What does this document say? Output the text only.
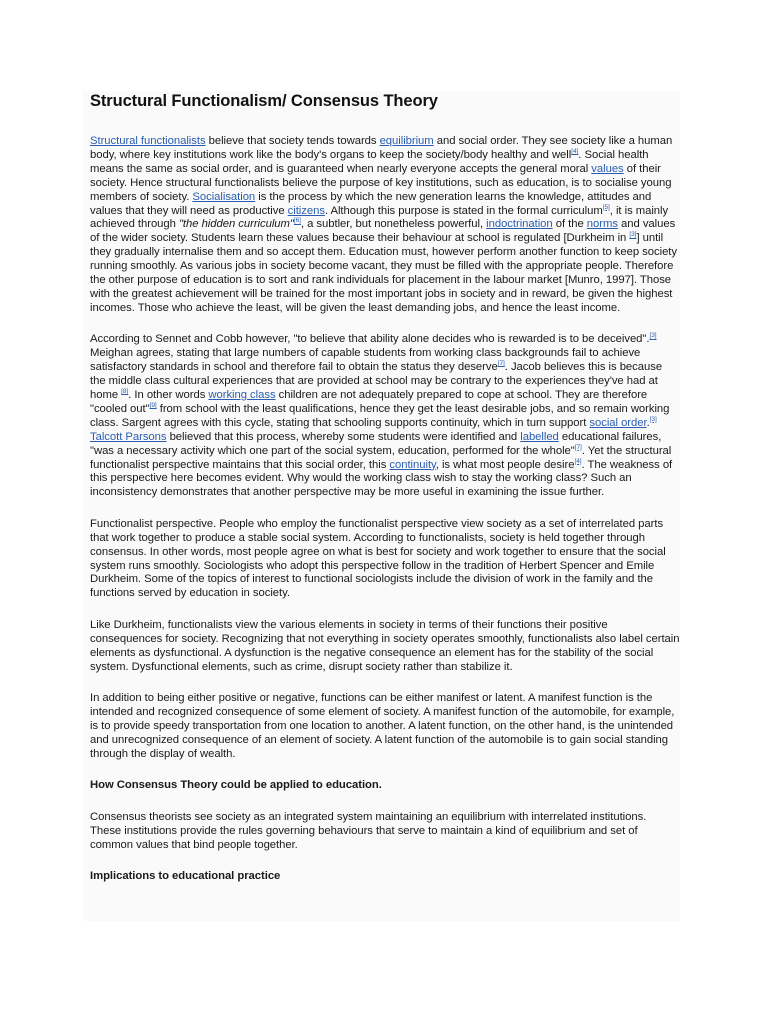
Structural Functionalism/ Consensus Theory

Structural functionalists believe that society tends towards equilibrium and social order. They see society like a human body, where key institutions work like the body's organs to keep the society/body healthy and well[4]. Social health means the same as social order, and is guaranteed when nearly everyone accepts the general moral values of their society. Hence structural functionalists believe the purpose of key institutions, such as education, is to socialise young members of society. Socialisation is the process by which the new generation learns the knowledge, attitudes and values that they will need as productive citizens. Although this purpose is stated in the formal curriculum[5], it is mainly achieved through "the hidden curriculum"[6], a subtler, but nonetheless powerful, indoctrination of the norms and values of the wider society. Students learn these values because their behaviour at school is regulated [Durkheim in [3]] until they gradually internalise them and so accept them. Education must, however perform another function to keep society running smoothly. As various jobs in society become vacant, they must be filled with the appropriate people. Therefore the other purpose of education is to sort and rank individuals for placement in the labour market [Munro, 1997]. Those with the greatest achievement will be trained for the most important jobs in society and in reward, be given the highest incomes. Those who achieve the least, will be given the least demanding jobs, and hence the least income.

According to Sennet and Cobb however, "to believe that ability alone decides who is rewarded is to be deceived".[3] Meighan agrees, stating that large numbers of capable students from working class backgrounds fail to achieve satisfactory standards in school and therefore fail to obtain the status they deserve[7]. Jacob believes this is because the middle class cultural experiences that are provided at school may be contrary to the experiences they've had at home [8]. In other words working class children are not adequately prepared to cope at school. They are therefore "cooled out"[9] from school with the least qualifications, hence they get the least desirable jobs, and so remain working class. Sargent agrees with this cycle, stating that schooling supports continuity, which in turn support social order.[3] Talcott Parsons believed that this process, whereby some students were identified and labelled educational failures, "was a necessary activity which one part of the social system, education, performed for the whole"[7]. Yet the structural functionalist perspective maintains that this social order, this continuity, is what most people desire[4]. The weakness of this perspective here becomes evident. Why would the working class wish to stay the working class? Such an inconsistency demonstrates that another perspective may be more useful in examining the issue further.

Functionalist perspective. People who employ the functionalist perspective view society as a set of interrelated parts that work together to produce a stable social system. According to functionalists, society is held together through consensus. In other words, most people agree on what is best for society and work together to ensure that the social system runs smoothly. Sociologists who adopt this perspective follow in the tradition of Herbert Spencer and Emile Durkheim. Some of the topics of interest to functional sociologists include the division of work in the family and the functions served by education in society.

Like Durkheim, functionalists view the various elements in society in terms of their functions their positive consequences for society. Recognizing that not everything in society operates smoothly, functionalists also label certain elements as dysfunctional. A dysfunction is the negative consequence an element has for the stability of the social system. Dysfunctional elements, such as crime, disrupt society rather than stabilize it.

In addition to being either positive or negative, functions can be either manifest or latent. A manifest function is the intended and recognized consequence of some element of society. A manifest function of the automobile, for example, is to provide speedy transportation from one location to another. A latent function, on the other hand, is the unintended and unrecognized consequence of an element of society. A latent function of the automobile is to gain social standing through the display of wealth.

How Consensus Theory could be applied to education.

Consensus theorists see society as an integrated system maintaining an equilibrium with interrelated institutions. These institutions provide the rules governing behaviours that serve to maintain a kind of equilibrium and set of common values that bind people together.

Implications to educational practice
